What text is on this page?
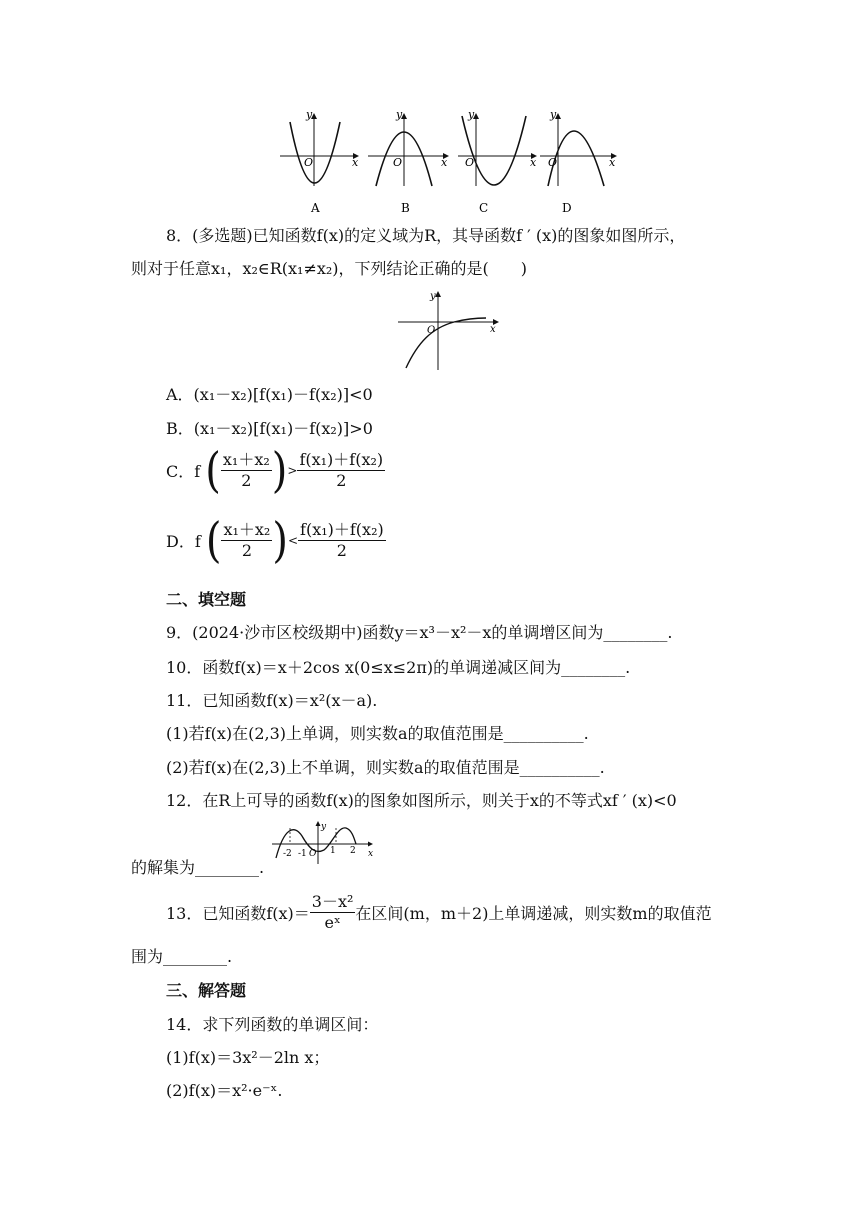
y
x
O
A
y
x
O
B
y
x
O
C
y
x
O
D
8．(多选题)已知函数f(x)的定义域为R，其导函数f ′ (x)的图象如图所示，
则对于任意x₁，x₂∈R(x₁≠x₂)，下列结论正确的是(　　)
y
x
O
A．(x₁－x₂)[f(x₁)－f(x₂)]<0
B．(x₁－x₂)[f(x₁)－f(x₂)]>0
C．f ( $\frac{\text{x₁＋x₂}}{2}$ )> $\frac{\text{f(x₁)＋f(x₂)}}{2}$
D．f ( $\frac{\text{x₁＋x₂}}{2}$ )< $\frac{\text{f(x₁)＋f(x₂)}}{2}$
二、填空题
9．(2024·沙市区校级期中)函数y＝x³－x²－x的单调增区间为________.
10．函数f(x)＝x＋2cos x(0≤x≤2π)的单调递减区间为________.
11．已知函数f(x)＝x²(x－a).
(1)若f(x)在(2,3)上单调，则实数a的取值范围是__________.
(2)若f(x)在(2,3)上不单调，则实数a的取值范围是__________.
12．在R上可导的函数f(x)的图象如图所示，则关于x的不等式xf ′ (x)<0
-2 -1 O 1 2
y
x
的解集为________.
13．已知函数$f(x)= \frac{\text{3－x²}}{\text{eˣ}}$ 在区间(m，m＋2)上单调递减，则实数m的取值范
围为________.
三、解答题
14．求下列函数的单调区间：
(1)f(x)＝3x²－2ln x；
(2)f(x)＝x²·e⁻ˣ.
